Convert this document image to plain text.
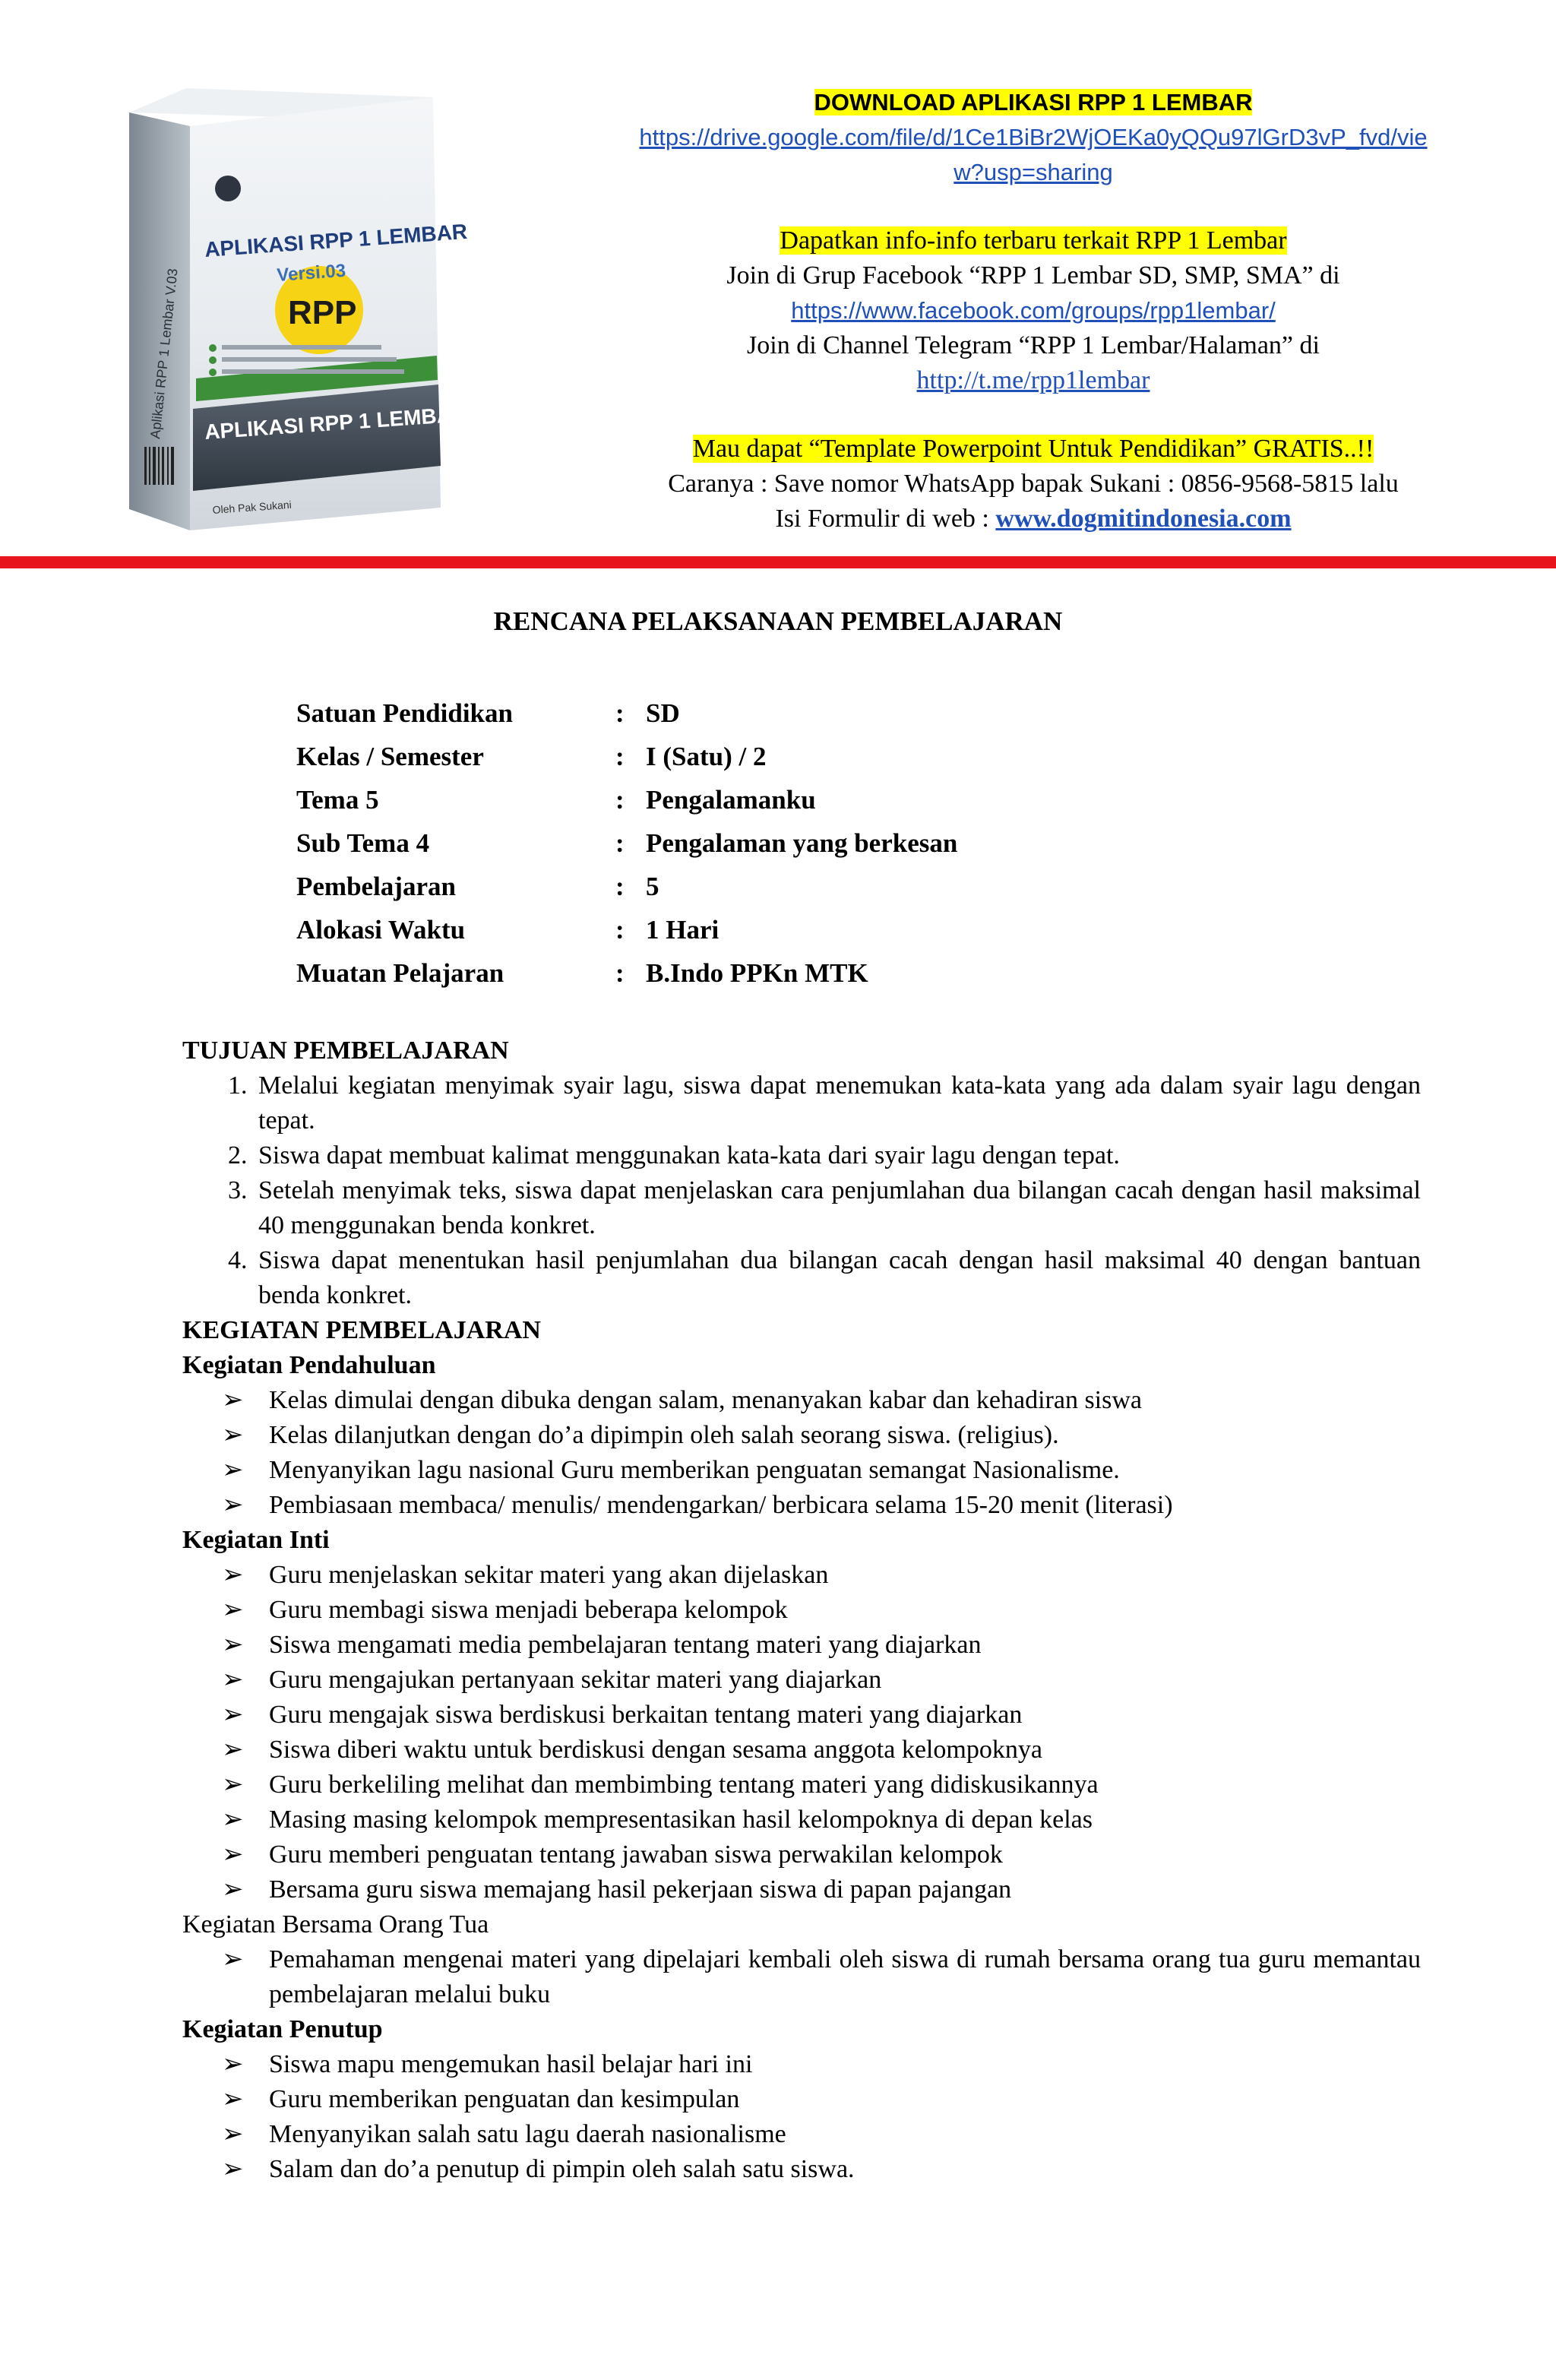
APLIKASI RPP 1 LEMBAR
Versi.03
RPP
Aplikasi RPP 1 Lembar V.03 APLIKASI RPP 1 LEMBAR
Oleh Pak Sukani
DOWNLOAD APLIKASI RPP 1 LEMBAR
https://drive.google.com/file/d/1Ce1BiBr2WjOEKa0yQQu97lGrD3vP_fvd/vie
w?usp=sharing
Dapatkan info-info terbaru terkait RPP 1 Lembar
Join di Grup Facebook “RPP 1 Lembar SD, SMP, SMA” di
https://www.facebook.com/groups/rpp1lembar/
Join di Channel Telegram “RPP 1 Lembar/Halaman” di
http://t.me/rpp1lembar
Mau dapat “Template Powerpoint Untuk Pendidikan” GRATIS..!!
Caranya : Save nomor WhatsApp bapak Sukani : 0856-9568-5815 lalu
Isi Formulir di web : www.dogmitindonesia.com
RENCANA PELAKSANAAN PEMBELAJARAN
Satuan Pendidikan	: SD
Kelas / Semester	: I (Satu) / 2
Tema 5	: Pengalamanku
Sub Tema 4	: Pengalaman yang berkesan
Pembelajaran	: 5
Alokasi Waktu	: 1 Hari
Muatan Pelajaran	: B.Indo PPKn MTK
TUJUAN PEMBELAJARAN
1. Melalui kegiatan menyimak syair lagu, siswa dapat menemukan kata-kata yang ada dalam syair lagu dengan tepat.
2. Siswa dapat membuat kalimat menggunakan kata-kata dari syair lagu dengan tepat.
3. Setelah menyimak teks, siswa dapat menjelaskan cara penjumlahan dua bilangan cacah dengan hasil maksimal 40 menggunakan benda konkret.
4. Siswa dapat menentukan hasil penjumlahan dua bilangan cacah dengan hasil maksimal 40 dengan bantuan benda konkret.
KEGIATAN PEMBELAJARAN
Kegiatan Pendahuluan
➢ Kelas dimulai dengan dibuka dengan salam, menanyakan kabar dan kehadiran siswa
➢ Kelas dilanjutkan dengan do’a dipimpin oleh salah seorang siswa. (religius).
➢ Menyanyikan lagu nasional Guru memberikan penguatan semangat Nasionalisme.
➢ Pembiasaan membaca/ menulis/ mendengarkan/ berbicara selama 15-20 menit (literasi)
Kegiatan Inti
➢ Guru menjelaskan sekitar materi yang akan dijelaskan
➢ Guru membagi siswa menjadi beberapa kelompok
➢ Siswa mengamati media pembelajaran tentang materi yang diajarkan
➢ Guru mengajukan pertanyaan sekitar materi yang diajarkan
➢ Guru mengajak siswa berdiskusi berkaitan tentang materi yang diajarkan
➢ Siswa diberi waktu untuk berdiskusi dengan sesama anggota kelompoknya
➢ Guru berkeliling melihat dan membimbing tentang materi yang didiskusikannya
➢ Masing masing kelompok mempresentasikan hasil kelompoknya di depan kelas
➢ Guru memberi penguatan tentang jawaban siswa perwakilan kelompok
➢ Bersama guru siswa memajang hasil pekerjaan siswa di papan pajangan
Kegiatan Bersama Orang Tua
➢ Pemahaman mengenai materi yang dipelajari kembali oleh siswa di rumah bersama orang tua guru memantau pembelajaran melalui buku
Kegiatan Penutup
➢ Siswa mapu mengemukan hasil belajar hari ini
➢ Guru memberikan penguatan dan kesimpulan
➢ Menyanyikan salah satu lagu daerah nasionalisme
➢ Salam dan do’a penutup di pimpin oleh salah satu siswa.
